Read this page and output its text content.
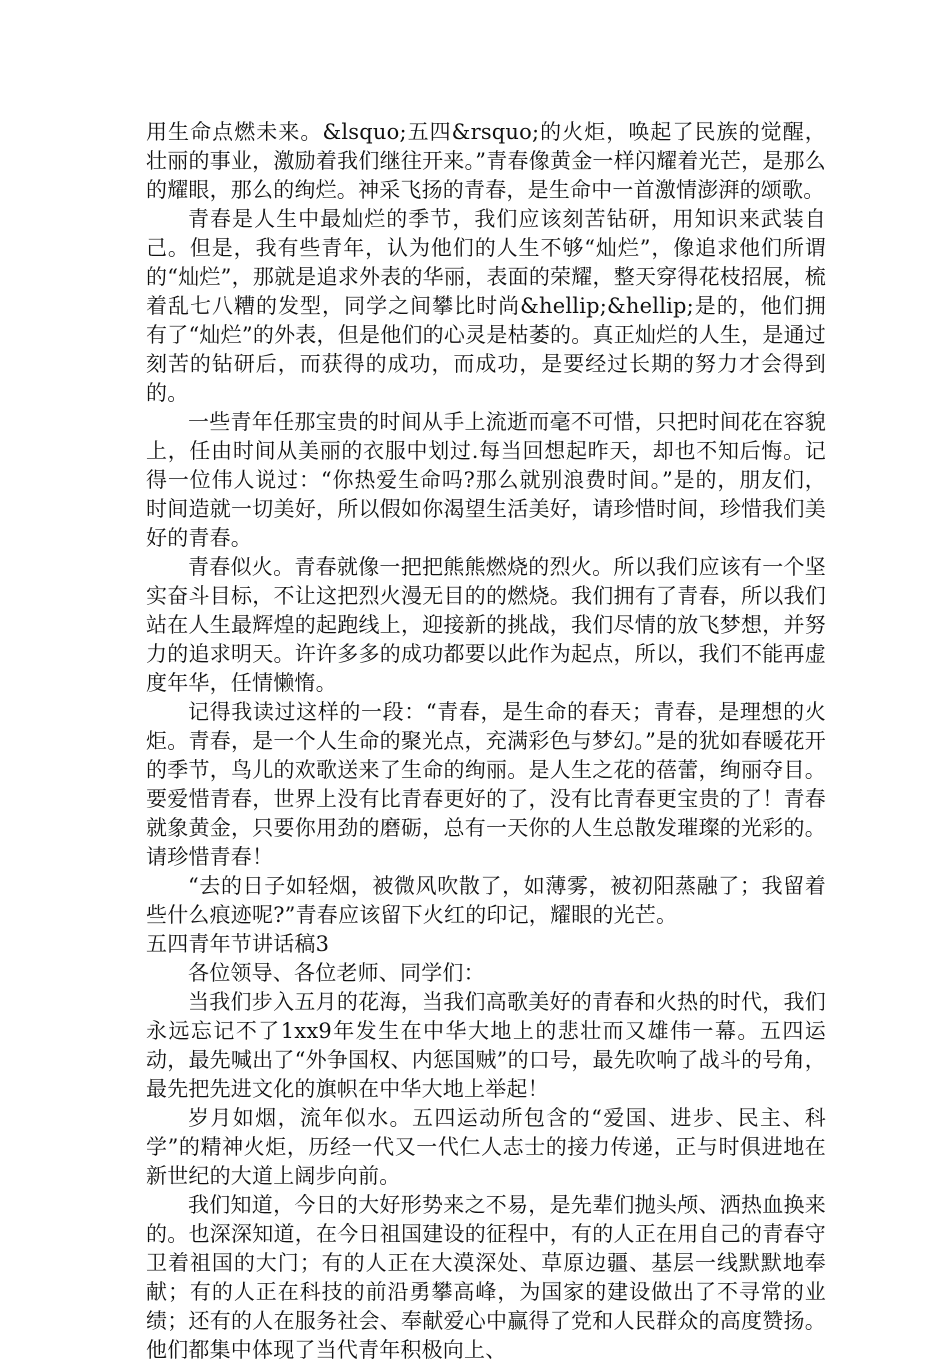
用生命点燃未来。&lsquo;五四&rsquo;的火炬，唤起了民族的觉醒，壮丽的事业，激励着我们继往开来。”青春像黄金一样闪耀着光芒，是那么的耀眼，那么的绚烂。神采飞扬的青春，是生命中一首激情澎湃的颂歌。

青春是人生中最灿烂的季节，我们应该刻苦钻研，用知识来武装自己。但是，我有些青年，认为他们的人生不够“灿烂”，像追求他们所谓的“灿烂”，那就是追求外表的华丽，表面的荣耀，整天穿得花枝招展，梳着乱七八糟的发型，同学之间攀比时尚&hellip;&hellip;是的，他们拥有了“灿烂”的外表，但是他们的心灵是枯萎的。真正灿烂的人生，是通过刻苦的钻研后，而获得的成功，而成功，是要经过长期的努力才会得到的。

一些青年任那宝贵的时间从手上流逝而毫不可惜，只把时间花在容貌上，任由时间从美丽的衣服中划过.每当回想起昨天，却也不知后悔。记得一位伟人说过：“你热爱生命吗?那么就别浪费时间。”是的，朋友们，时间造就一切美好，所以假如你渴望生活美好，请珍惜时间，珍惜我们美好的青春。

青春似火。青春就像一把把熊熊燃烧的烈火。所以我们应该有一个坚实奋斗目标，不让这把烈火漫无目的的燃烧。我们拥有了青春，所以我们站在人生最辉煌的起跑线上，迎接新的挑战，我们尽情的放飞梦想，并努力的追求明天。许许多多的成功都要以此作为起点，所以，我们不能再虚度年华，任情懒惰。

记得我读过这样的一段：“青春，是生命的春天；青春，是理想的火炬。青春，是一个人生命的聚光点，充满彩色与梦幻。”是的犹如春暖花开的季节，鸟儿的欢歌送来了生命的绚丽。是人生之花的蓓蕾，绚丽夺目。要爱惜青春，世界上没有比青春更好的了，没有比青春更宝贵的了！青春就象黄金，只要你用劲的磨砺，总有一天你的人生总散发璀璨的光彩的。请珍惜青春！

“去的日子如轻烟，被微风吹散了，如薄雾，被初阳蒸融了；我留着些什么痕迹呢?”青春应该留下火红的印记，耀眼的光芒。

五四青年节讲话稿3

各位领导、各位老师、同学们：

当我们步入五月的花海，当我们高歌美好的青春和火热的时代，我们永远忘记不了1xx9年发生在中华大地上的悲壮而又雄伟一幕。五四运动，最先喊出了“外争国权、内惩国贼”的口号，最先吹响了战斗的号角，最先把先进文化的旗帜在中华大地上举起！

岁月如烟，流年似水。五四运动所包含的“爱国、进步、民主、科学”的精神火炬，历经一代又一代仁人志士的接力传递，正与时俱进地在新世纪的大道上阔步向前。

我们知道，今日的大好形势来之不易，是先辈们抛头颅、洒热血换来的。也深深知道，在今日祖国建设的征程中，有的人正在用自己的青春守卫着祖国的大门；有的人正在大漠深处、草原边疆、基层一线默默地奉献；有的人正在科技的前沿勇攀高峰，为国家的建设做出了不寻常的业绩；还有的人在服务社会、奉献爱心中赢得了党和人民群众的高度赞扬。他们都集中体现了当代青年积极向上、
